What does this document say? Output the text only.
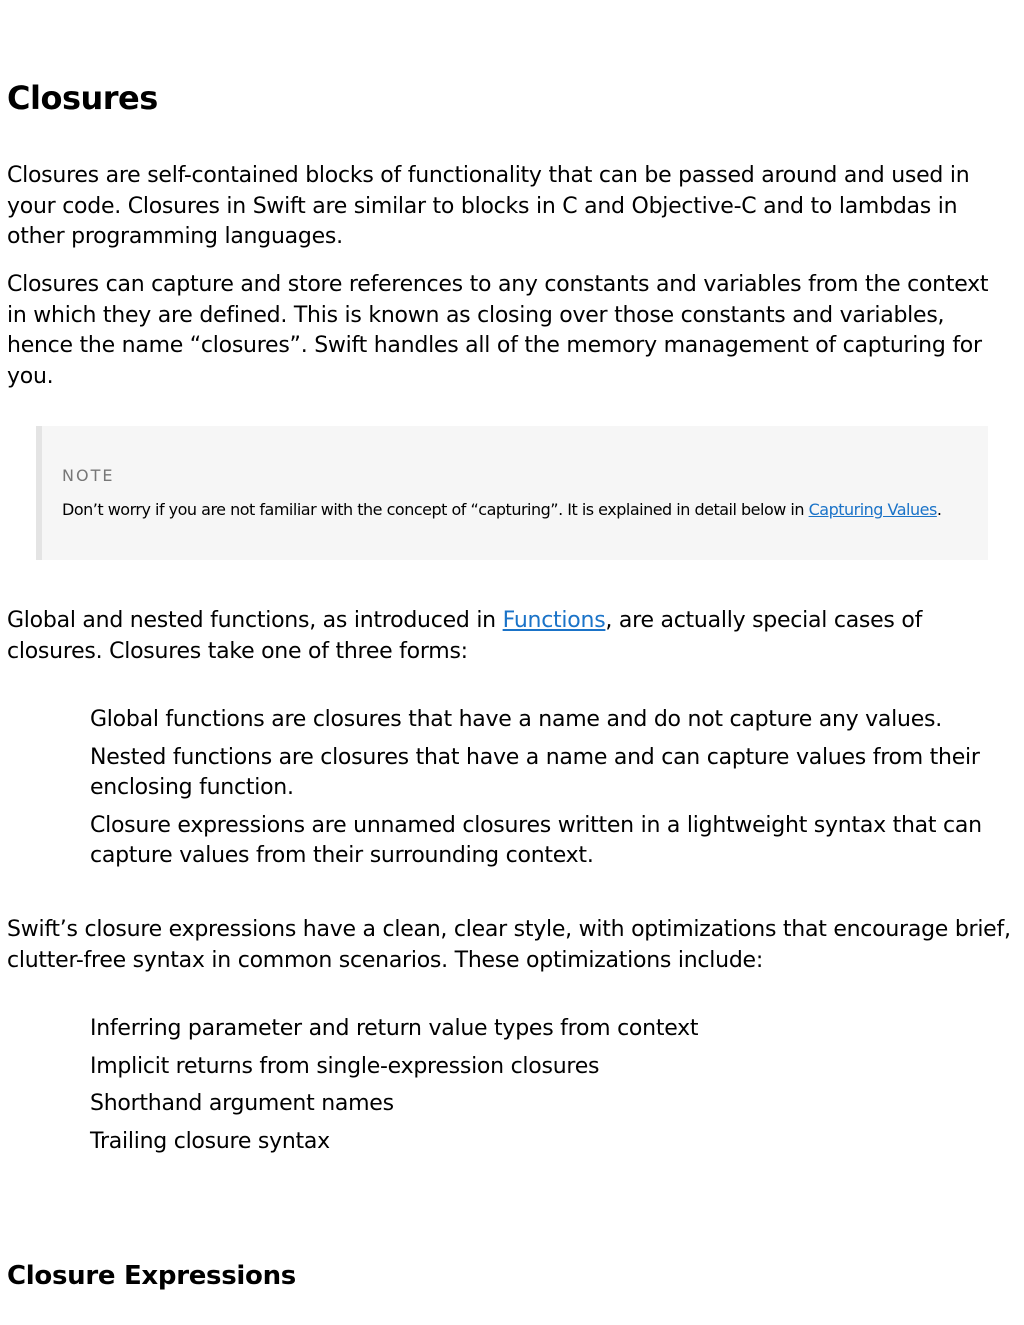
Closures

Closures are self-contained blocks of functionality that can be passed around and used in your code. Closures in Swift are similar to blocks in C and Objective-C and to lambdas in other programming languages.

Closures can capture and store references to any constants and variables from the context in which they are defined. This is known as closing over those constants and variables, hence the name “closures”. Swift handles all of the memory management of capturing for you.

NOTE
Don’t worry if you are not familiar with the concept of “capturing”. It is explained in detail below in Capturing Values.

Global and nested functions, as introduced in Functions, are actually special cases of closures. Closures take one of three forms:

Global functions are closures that have a name and do not capture any values.
Nested functions are closures that have a name and can capture values from their enclosing function.
Closure expressions are unnamed closures written in a lightweight syntax that can capture values from their surrounding context.

Swift’s closure expressions have a clean, clear style, with optimizations that encourage brief, clutter-free syntax in common scenarios. These optimizations include:

Inferring parameter and return value types from context
Implicit returns from single-expression closures
Shorthand argument names
Trailing closure syntax
Closure Expressions
